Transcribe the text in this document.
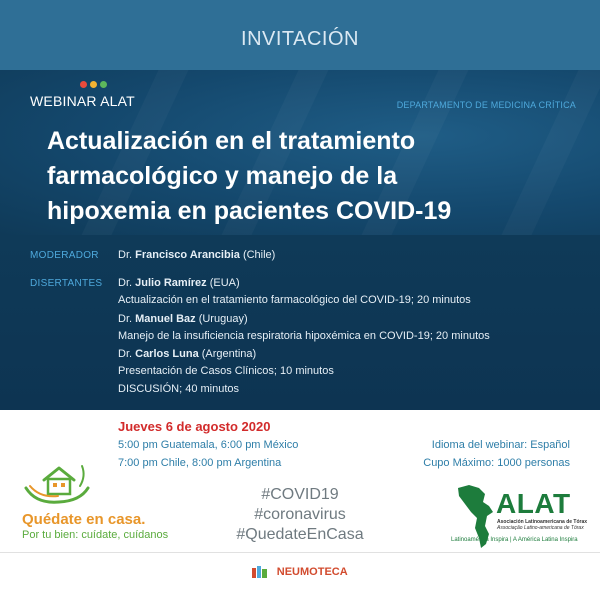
INVITACIÓN
WEBINAR ALAT	DEPARTAMENTO DE MEDICINA CRÍTICA
Actualización en el tratamiento
farmacológico y manejo de la
hipoxemia en pacientes COVID-19
MODERADOR Dr. Francisco Arancibia (Chile)
DISERTANTES Dr. Julio Ramírez (EUA)
Actualización en el tratamiento farmacológico del COVID-19; 20 minutos
Dr. Manuel Baz (Uruguay)
Manejo de la insuficiencia respiratoria hipoxémica en COVID-19; 20 minutos
Dr. Carlos Luna (Argentina)
Presentación de Casos Clínicos; 10 minutos
DISCUSIÓN; 40 minutos
Jueves 6 de agosto 2020
5:00 pm Guatemala, 6:00 pm México
7:00 pm Chile, 8:00 pm Argentina
Idioma del webinar: Español
Cupo Máximo: 1000 personas
Quédate en casa.
Por tu bien: cuídate, cuídanos
#COVID19
#coronavirus
#QuedateEnCasa
ALAT
Asociación Latinoamericana de Tórax
Associação Latino-americana de Tórax
Latinoamérica Inspira | A América Latina Inspira
NEUMOTECA
